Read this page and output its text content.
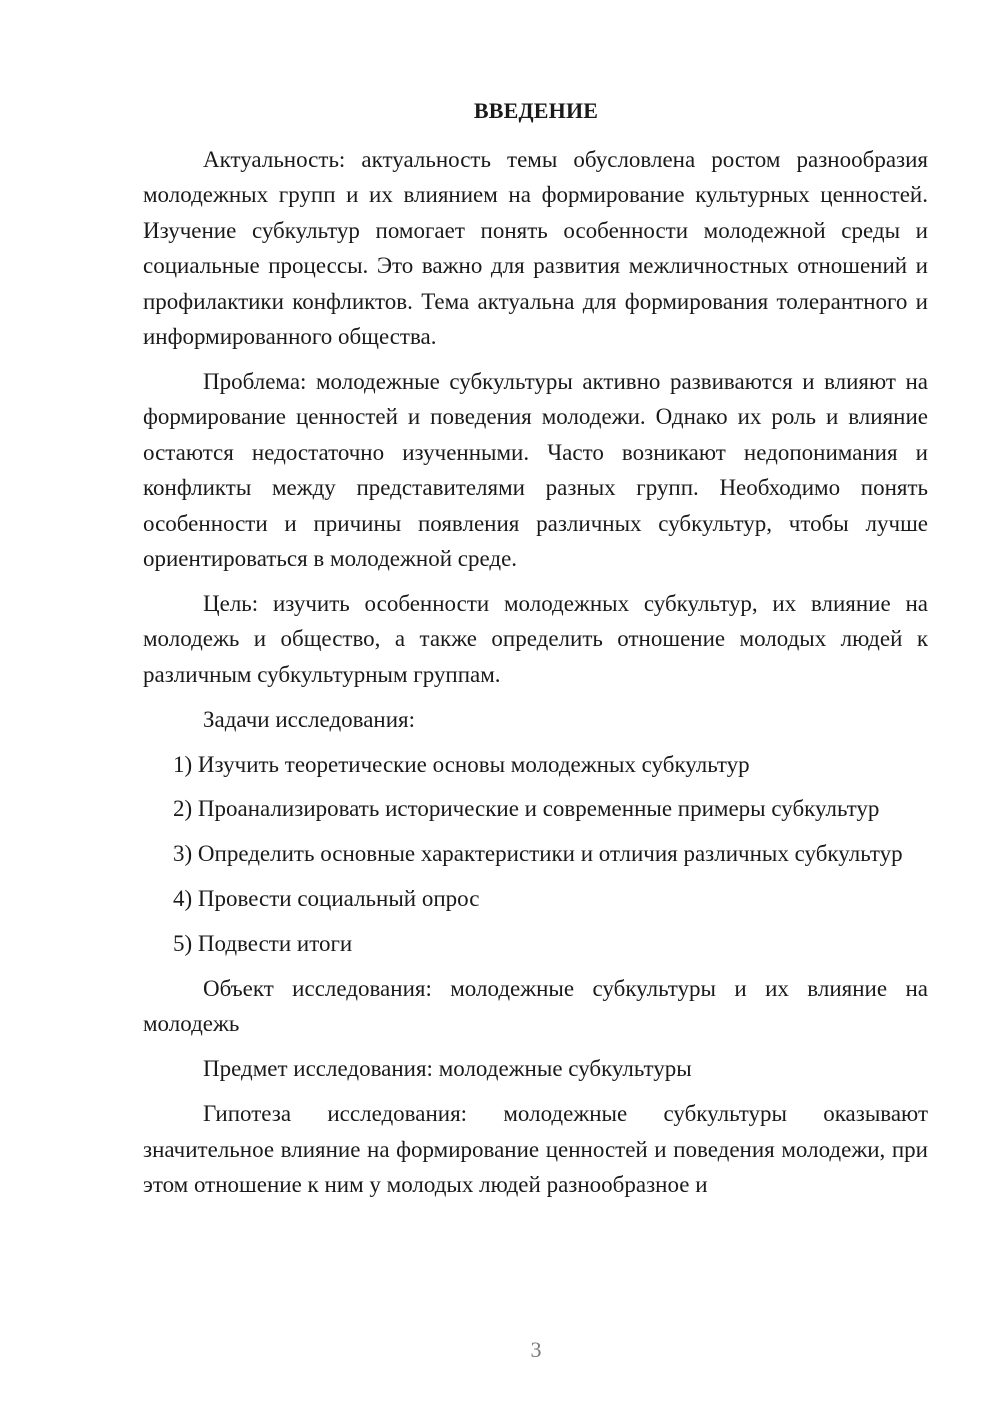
ВВЕДЕНИЕ

Актуальность: актуальность темы обусловлена ростом разнообразия молодежных групп и их влиянием на формирование культурных ценностей. Изучение субкультур помогает понять особенности молодежной среды и социальные процессы. Это важно для развития межличностных отношений и профилактики конфликтов. Тема актуальна для формирования толерантного и информированного общества.

Проблема: молодежные субкультуры активно развиваются и влияют на формирование ценностей и поведения молодежи. Однако их роль и влияние остаются недостаточно изученными. Часто возникают недопонимания и конфликты между представителями разных групп. Необходимо понять особенности и причины появления различных субкультур, чтобы лучше ориентироваться в молодежной среде.

Цель: изучить особенности молодежных субкультур, их влияние на молодежь и общество, а также определить отношение молодых людей к различным субкультурным группам.

Задачи исследования:

1) Изучить теоретические основы молодежных субкультур

2) Проанализировать исторические и современные примеры субкультур

3) Определить основные характеристики и отличия различных субкультур

4) Провести социальный опрос

5) Подвести итоги

Объект исследования: молодежные субкультуры и их влияние на молодежь

Предмет исследования: молодежные субкультуры

Гипотеза исследования: молодежные субкультуры оказывают значительное влияние на формирование ценностей и поведения молодежи, при этом отношение к ним у молодых людей разнообразное и

3
